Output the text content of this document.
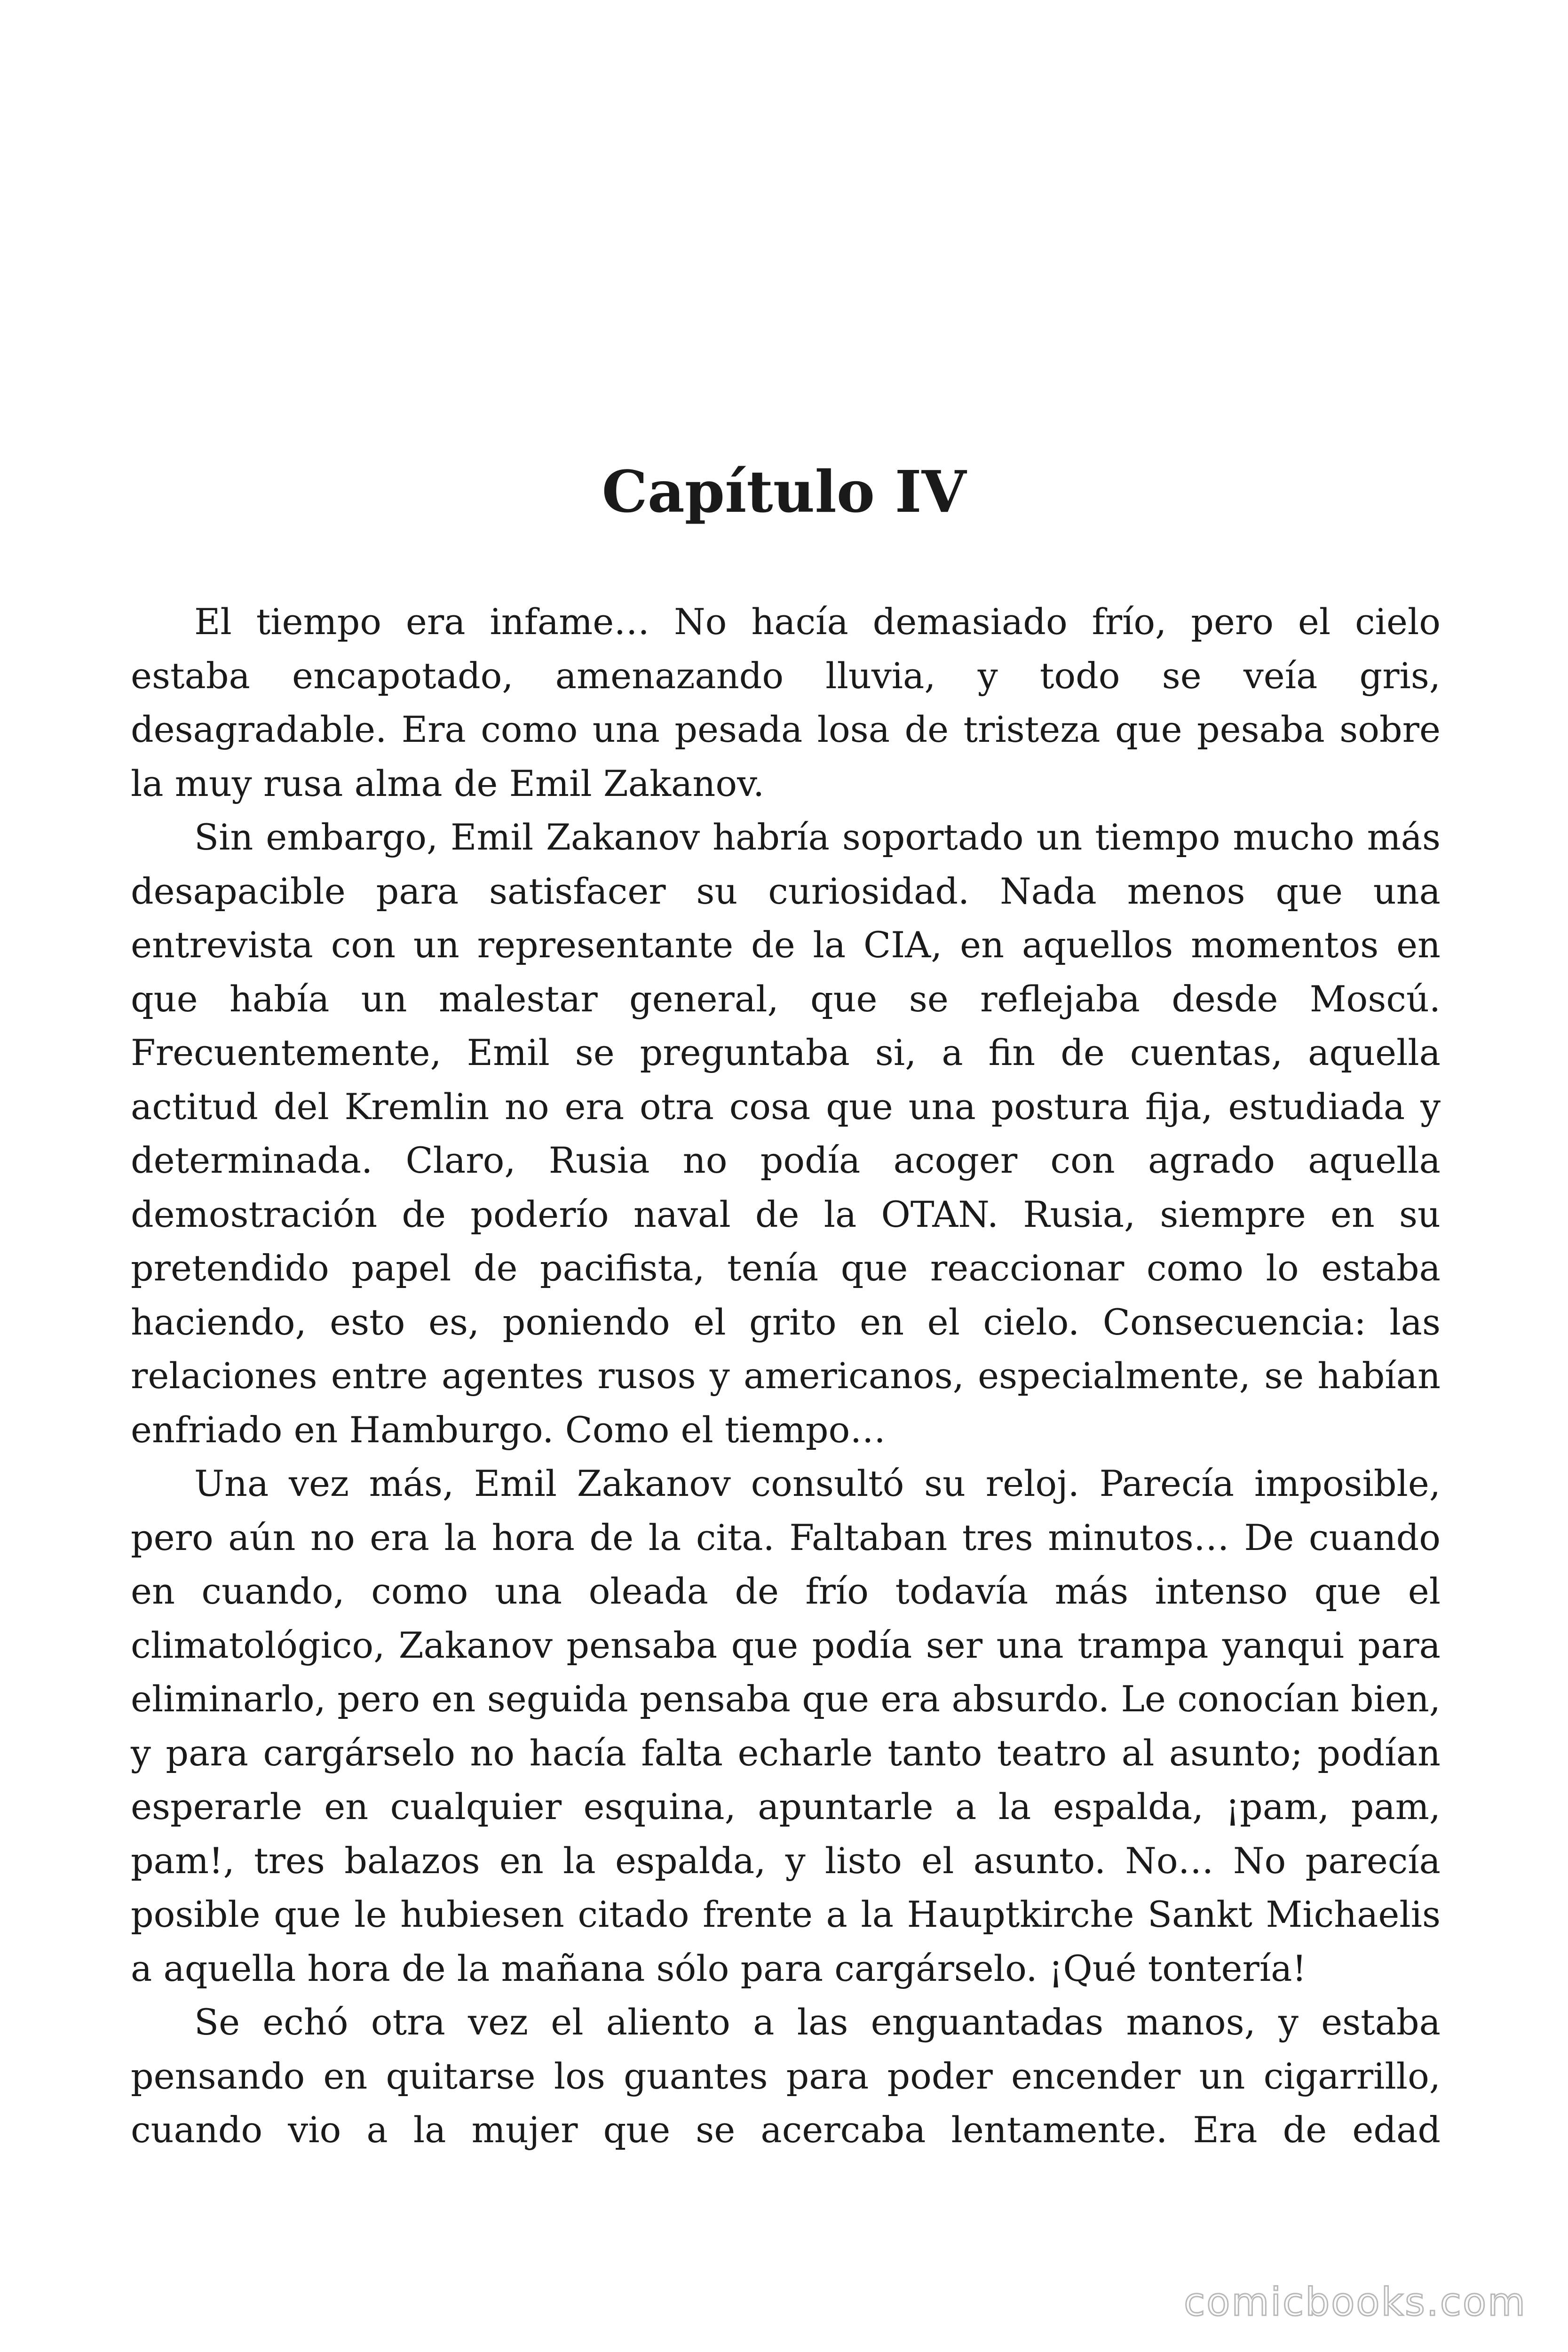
Capítulo IV

El tiempo era infame… No hacía demasiado frío, pero el cielo estaba encapotado, amenazando lluvia, y todo se veía gris, desagradable. Era como una pesada losa de tristeza que pesaba sobre la muy rusa alma de Emil Zakanov.

Sin embargo, Emil Zakanov habría soportado un tiempo mucho más desapacible para satisfacer su curiosidad. Nada menos que una entrevista con un representante de la CIA, en aquellos momentos en que había un malestar general, que se reflejaba desde Moscú. Frecuentemente, Emil se preguntaba si, a fin de cuentas, aquella actitud del Kremlin no era otra cosa que una postura fija, estudiada y determinada. Claro, Rusia no podía acoger con agrado aquella demostración de poderío naval de la OTAN. Rusia, siempre en su pretendido papel de pacifista, tenía que reaccionar como lo estaba haciendo, esto es, poniendo el grito en el cielo. Consecuencia: las relaciones entre agentes rusos y americanos, especialmente, se habían enfriado en Hamburgo. Como el tiempo…

Una vez más, Emil Zakanov consultó su reloj. Parecía imposible, pero aún no era la hora de la cita. Faltaban tres minutos… De cuando en cuando, como una oleada de frío todavía más intenso que el climatológico, Zakanov pensaba que podía ser una trampa yanqui para eliminarlo, pero en seguida pensaba que era absurdo. Le conocían bien, y para cargárselo no hacía falta echarle tanto teatro al asunto; podían esperarle en cualquier esquina, apuntarle a la espalda, ¡pam, pam, pam!, tres balazos en la espalda, y listo el asunto. No… No parecía posible que le hubiesen citado frente a la Hauptkirche Sankt Michaelis a aquella hora de la mañana sólo para cargárselo. ¡Qué tontería!

Se echó otra vez el aliento a las enguantadas manos, y estaba pensando en quitarse los guantes para poder encender un cigarrillo, cuando vio a la mujer que se acercaba lentamente. Era de edad

comicbooks.com
